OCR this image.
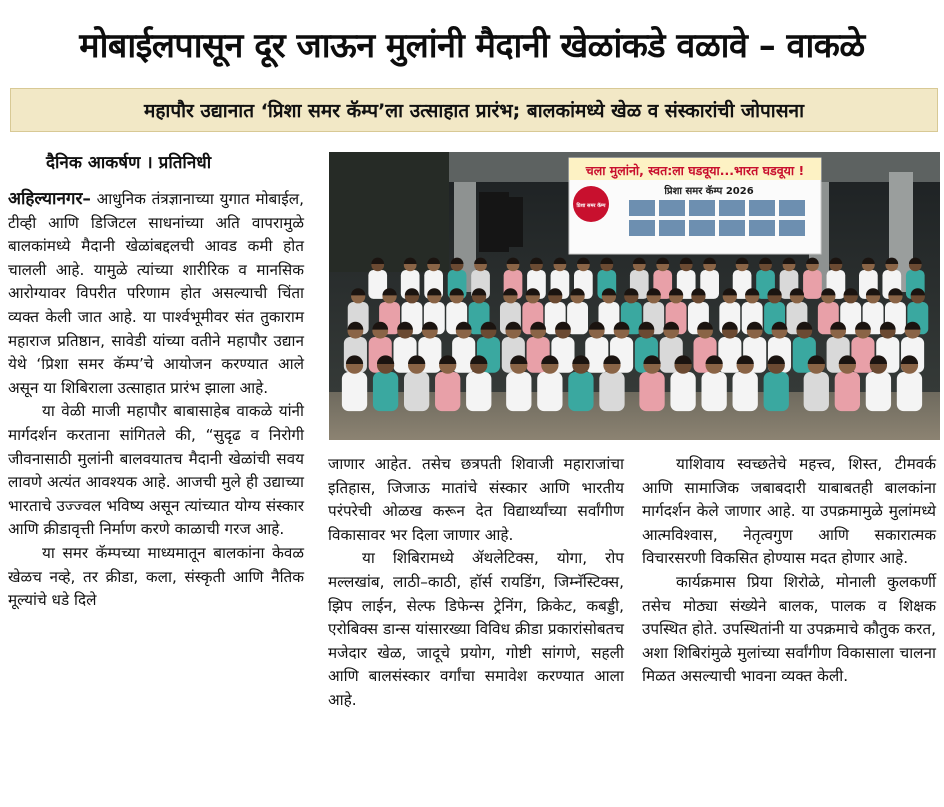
मोबाईलपासून दूर जाऊन मुलांनी मैदानी खेळांकडे वळावे – वाकळे
महापौर उद्यानात ‘प्रिशा समर कॅम्प’ला उत्साहात प्रारंभ; बालकांमध्ये खेळ व संस्कारांची जोपासना
दैनिक आकर्षण । प्रतिनिधी

अहिल्यानगर– आधुनिक तंत्रज्ञानाच्या युगात मोबाईल, टीव्ही आणि डिजिटल साधनांच्या अति वापरामुळे बालकांमध्ये मैदानी खेळांबद्दलची आवड कमी होत चालली आहे. यामुळे त्यांच्या शारीरिक व मानसिक आरोग्यावर विपरीत परिणाम होत असल्याची चिंता व्यक्त केली जात आहे. या पार्श्वभूमीवर संत तुकाराम महाराज प्रतिष्ठान, सावेडी यांच्या वतीने महापौर उद्यान येथे ‘प्रिशा समर कॅम्प’चे आयोजन करण्यात आले असून या शिबिराला उत्साहात प्रारंभ झाला आहे.

या वेळी माजी महापौर बाबासाहेब वाकळे यांनी मार्गदर्शन करताना सांगितले की, “सुदृढ व निरोगी जीवनासाठी मुलांनी बालवयातच मैदानी खेळांची सवय लावणे अत्यंत आवश्यक आहे. आजची मुले ही उद्याच्या भारताचे उज्ज्वल भविष्य असून त्यांच्यात योग्य संस्कार आणि क्रीडावृत्ती निर्माण करणे काळाची गरज आहे.

या समर कॅम्पच्या माध्यमातून बालकांना केवळ खेळच नव्हे, तर क्रीडा, कला, संस्कृती आणि नैतिक मूल्यांचे धडे दिले

चला मुलांनो, स्वत:ला घडवूया...भारत घडवूया !
प्रिशा समर कॅम्प 2026
प्रिशा समर कॅम्प

जाणार आहेत. तसेच छत्रपती शिवाजी महाराजांचा इतिहास, जिजाऊ मातांचे संस्कार आणि भारतीय परंपरेची ओळख करून देत विद्यार्थ्यांच्या सर्वांगीण विकासावर भर दिला जाणार आहे.

या शिबिरामध्ये ॲथलेटिक्स, योगा, रोप मल्लखांब, लाठी–काठी, हॉर्स रायडिंग, जिम्नॅस्टिक्स, झिप लाईन, सेल्फ डिफेन्स ट्रेनिंग, क्रिकेट, कबड्डी, एरोबिक्स डान्स यांसारख्या विविध क्रीडा प्रकारांसोबतच मजेदार खेळ, जादूचे प्रयोग, गोष्टी सांगणे, सहली आणि बालसंस्कार वर्गांचा समावेश करण्यात आला आहे.

याशिवाय स्वच्छतेचे महत्त्व, शिस्त, टीमवर्क आणि सामाजिक जबाबदारी याबाबतही बालकांना मार्गदर्शन केले जाणार आहे. या उपक्रमामुळे मुलांमध्ये आत्मविश्वास, नेतृत्वगुण आणि सकारात्मक विचारसरणी विकसित होण्यास मदत होणार आहे.

कार्यक्रमास प्रिया शिरोळे, मोनाली कुलकर्णी तसेच मोठ्या संख्येने बालक, पालक व शिक्षक उपस्थित होते. उपस्थितांनी या उपक्रमाचे कौतुक करत, अशा शिबिरांमुळे मुलांच्या सर्वांगीण विकासाला चालना मिळत असल्याची भावना व्यक्त केली.
